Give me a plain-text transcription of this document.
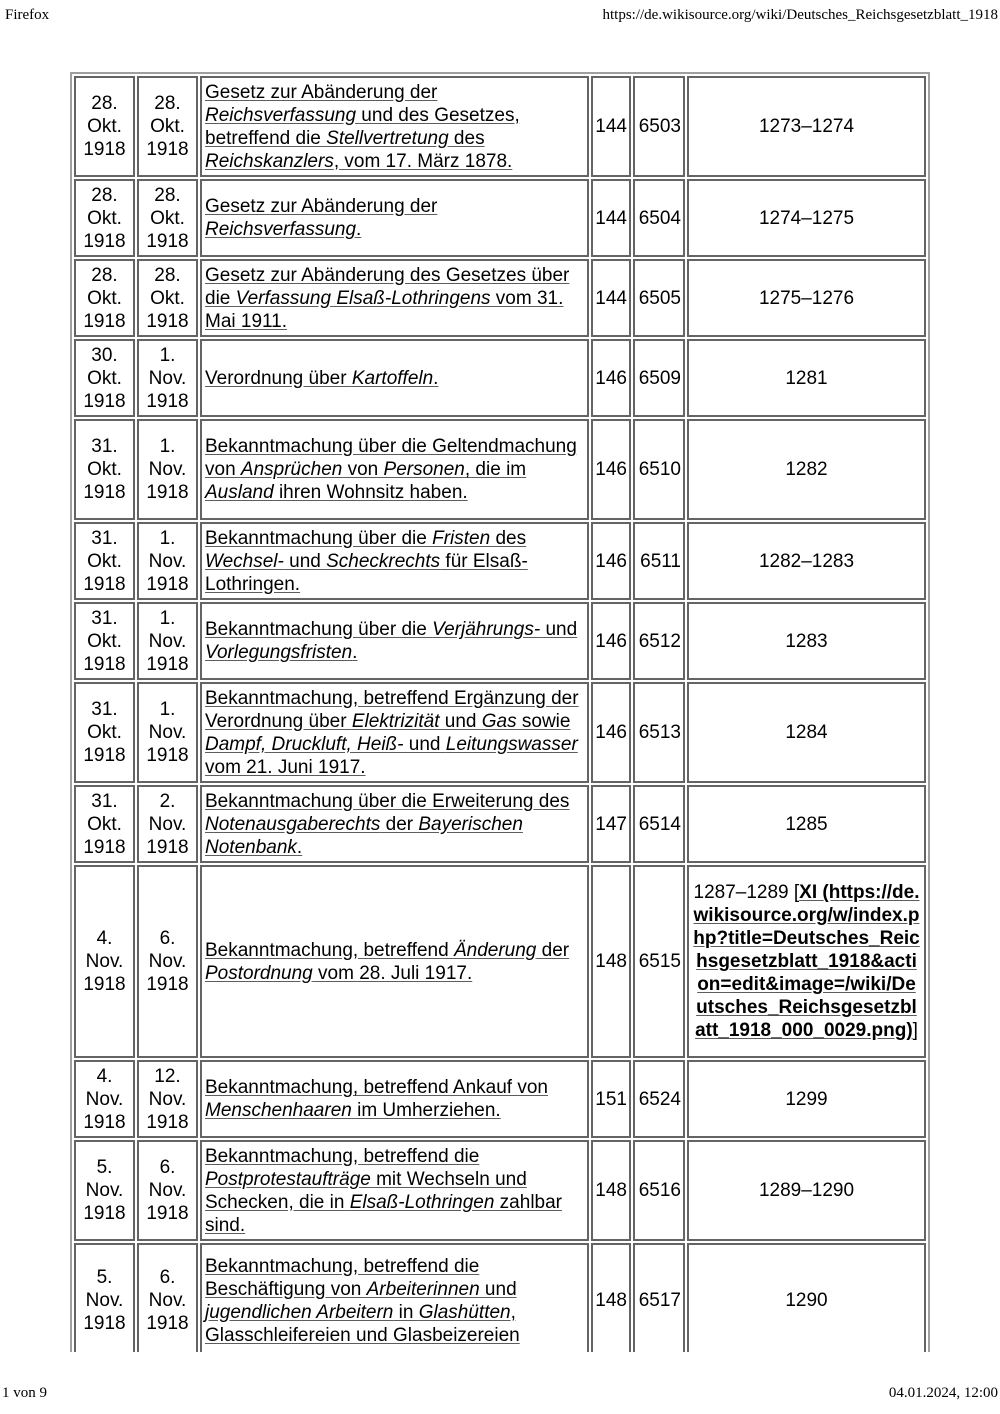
Firefox	https://de.wikisource.org/wiki/Deutsches_Reichsgesetzblatt_1918
28. Okt. 1918	28. Okt. 1918	Gesetz zur Abänderung der Reichsverfassung und des Gesetzes, betreffend die Stellvertretung des Reichskanzlers, vom 17. März 1878.	144	6503	1273–1274
28. Okt. 1918	28. Okt. 1918	Gesetz zur Abänderung der Reichsverfassung.	144	6504	1274–1275
28. Okt. 1918	28. Okt. 1918	Gesetz zur Abänderung des Gesetzes über die Verfassung Elsaß-Lothringens vom 31. Mai 1911.	144	6505	1275–1276
30. Okt. 1918	1. Nov. 1918	Verordnung über Kartoffeln.	146	6509	1281
31. Okt. 1918	1. Nov. 1918	Bekanntmachung über die Geltendmachung von Ansprüchen von Personen, die im Ausland ihren Wohnsitz haben.	146	6510	1282
31. Okt. 1918	1. Nov. 1918	Bekanntmachung über die Fristen des Wechsel- und Scheckrechts für Elsaß-Lothringen.	146	6511	1282–1283
31. Okt. 1918	1. Nov. 1918	Bekanntmachung über die Verjährungs- und Vorlegungsfristen.	146	6512	1283
31. Okt. 1918	1. Nov. 1918	Bekanntmachung, betreffend Ergänzung der Verordnung über Elektrizität und Gas sowie Dampf, Druckluft, Heiß- und Leitungswasser vom 21. Juni 1917.	146	6513	1284
31. Okt. 1918	2. Nov. 1918	Bekanntmachung über die Erweiterung des Notenausgaberechts der Bayerischen Notenbank.	147	6514	1285
4. Nov. 1918	6. Nov. 1918	Bekanntmachung, betreffend Änderung der Postordnung vom 28. Juli 1917.	148	6515	1287–1289 [XI (https://de.wikisource.org/w/index.php?title=Deutsches_Reichsgesetzblatt_1918&action=edit&image=/wiki/Deutsches_Reichsgesetzblatt_1918_000_0029.png)]
4. Nov. 1918	12. Nov. 1918	Bekanntmachung, betreffend Ankauf von Menschenhaaren im Umherziehen.	151	6524	1299
5. Nov. 1918	6. Nov. 1918	Bekanntmachung, betreffend die Postprotestaufträge mit Wechseln und Schecken, die in Elsaß-Lothringen zahlbar sind.	148	6516	1289–1290
5. Nov. 1918	6. Nov. 1918	Bekanntmachung, betreffend die Beschäftigung von Arbeiterinnen und jugendlichen Arbeitern in Glashütten, Glasschleifereien und Glasbeizereien	148	6517	1290
1 von 9	04.01.2024, 12:00
